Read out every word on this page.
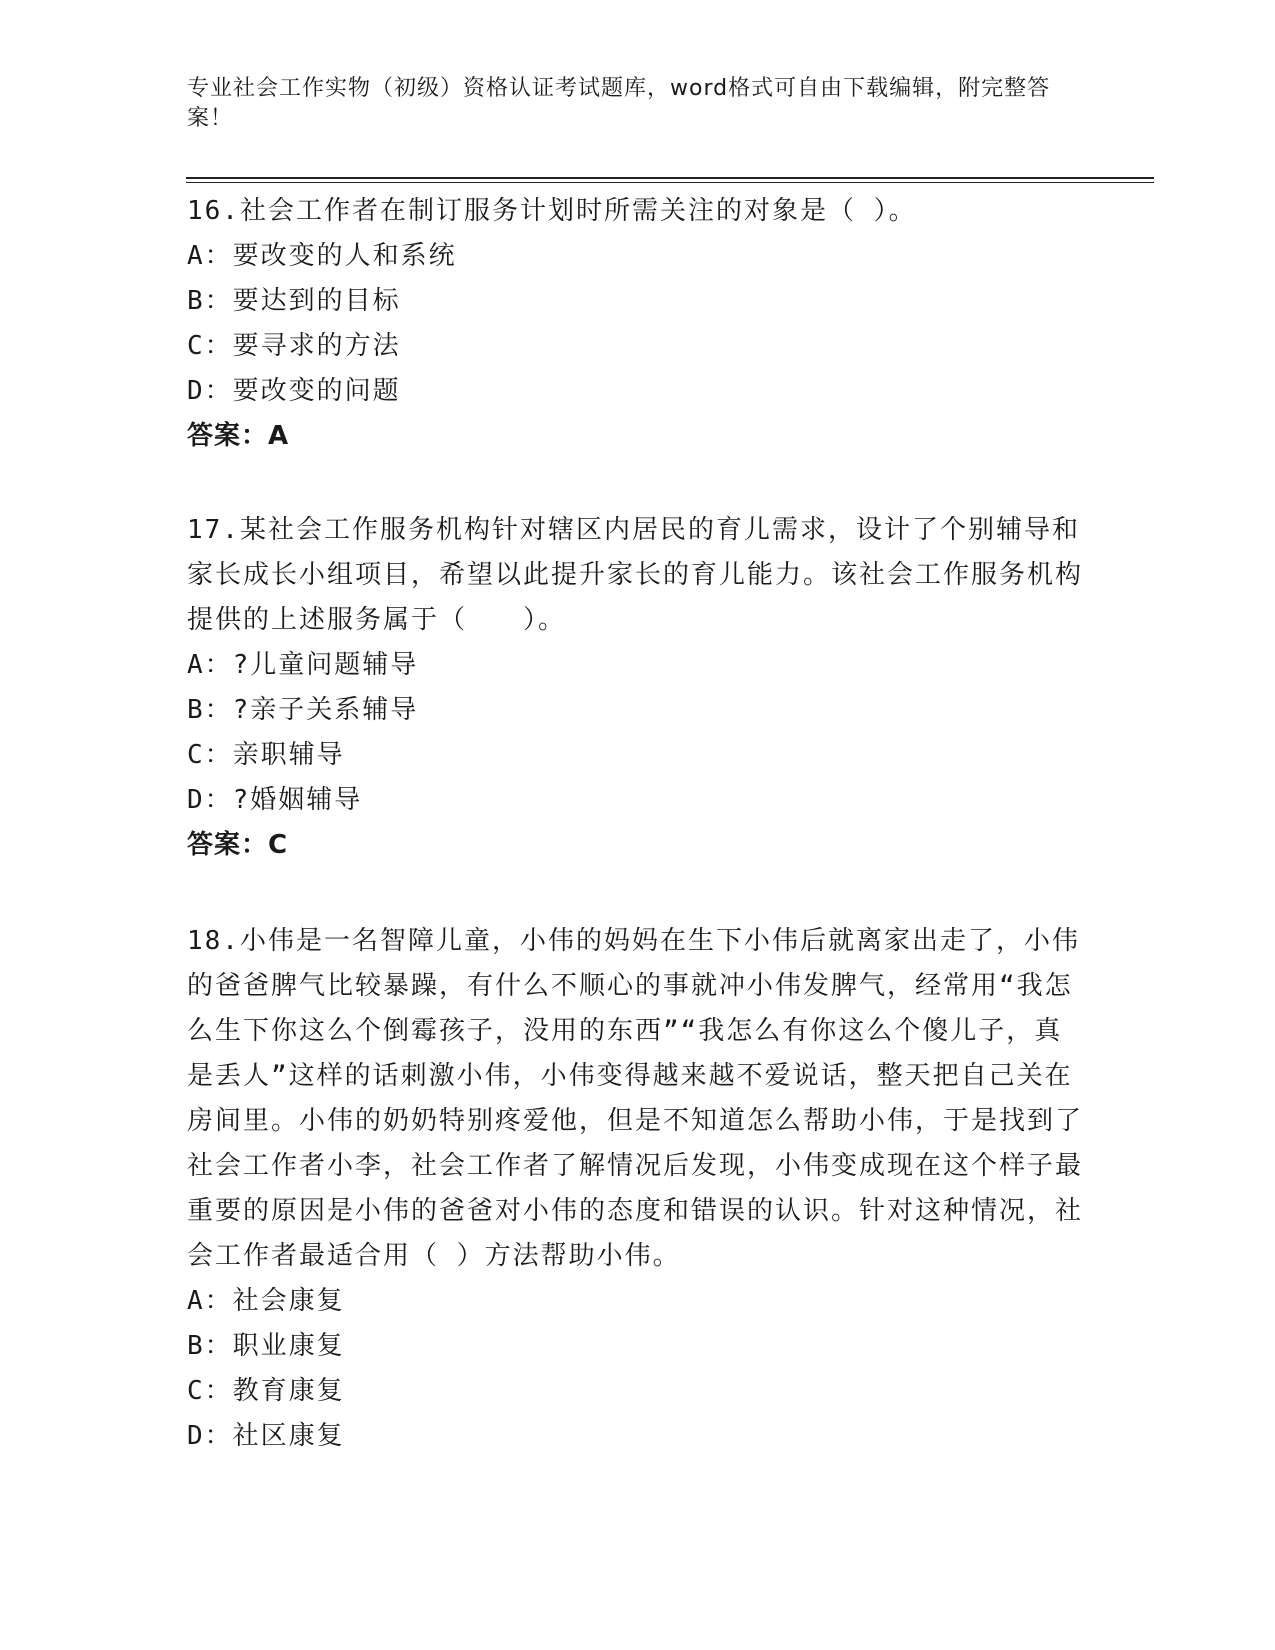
专业社会工作实物（初级）资格认证考试题库，word格式可自由下载编辑，附完整答案！
16.社会工作者在制订服务计划时所需关注的对象是（ ）。
A：要改变的人和系统
B：要达到的目标
C：要寻求的方法
D：要改变的问题
答案：A
17.某社会工作服务机构针对辖区内居民的育儿需求，设计了个别辅导和家长成长小组项目，希望以此提升家长的育儿能力。该社会工作服务机构提供的上述服务属于（　　）。
A：?儿童问题辅导
B：?亲子关系辅导
C：亲职辅导
D：?婚姻辅导
答案：C
18.小伟是一名智障儿童，小伟的妈妈在生下小伟后就离家出走了，小伟的爸爸脾气比较暴躁，有什么不顺心的事就冲小伟发脾气，经常用“我怎么生下你这么个倒霉孩子，没用的东西”“我怎么有你这么个傻儿子，真是丢人”这样的话刺激小伟，小伟变得越来越不爱说话，整天把自己关在房间里。小伟的奶奶特别疼爱他，但是不知道怎么帮助小伟，于是找到了社会工作者小李，社会工作者了解情况后发现，小伟变成现在这个样子最重要的原因是小伟的爸爸对小伟的态度和错误的认识。针对这种情况，社会工作者最适合用（ ）方法帮助小伟。
A：社会康复
B：职业康复
C：教育康复
D：社区康复
